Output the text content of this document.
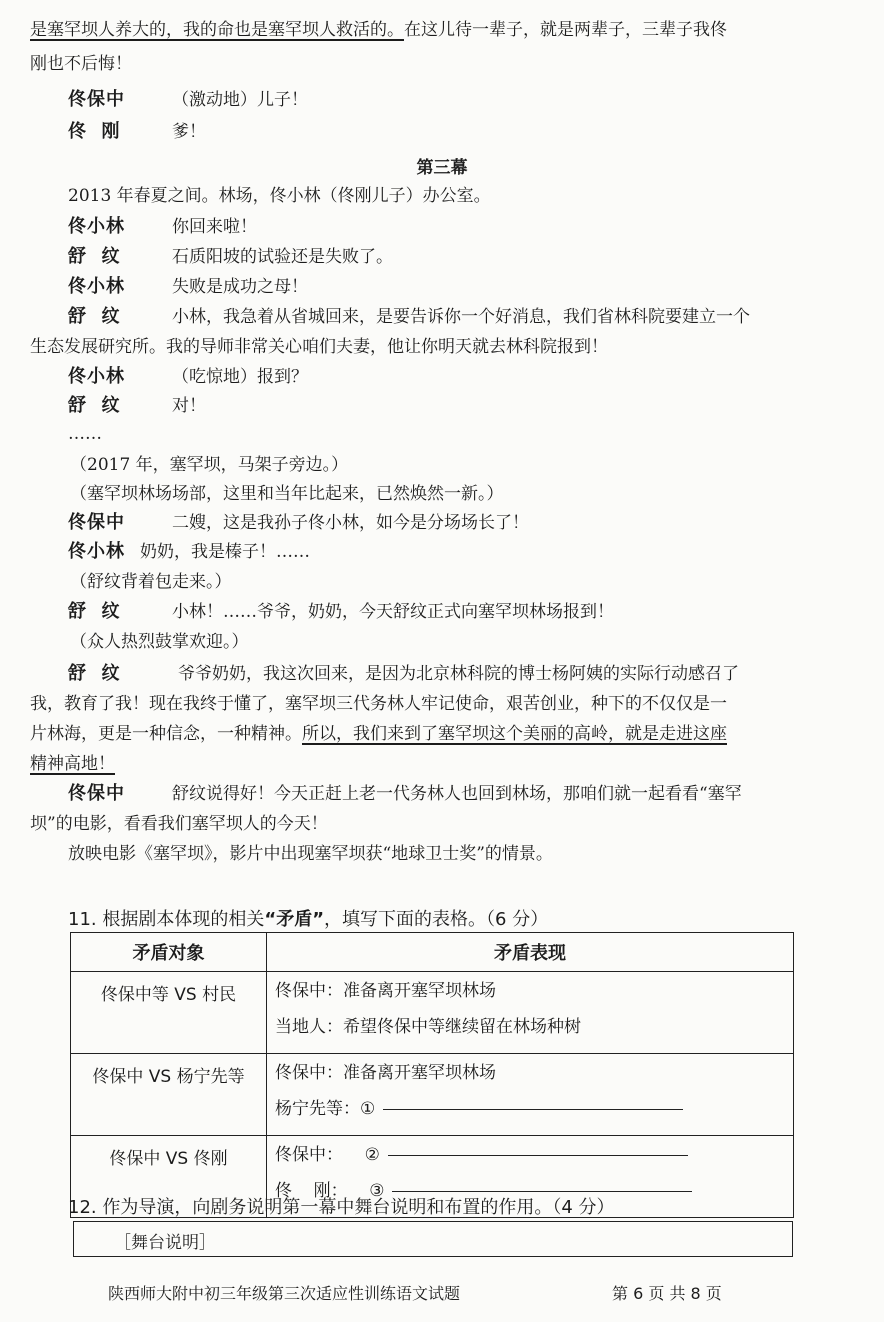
是塞罕坝人养大的，我的命也是塞罕坝人救活的。在这儿待一辈子，就是两辈子，三辈子我佟
刚也不后悔！
佟保中	（激动地）儿子！
佟  刚	爹！
第三幕
2013 年春夏之间。林场，佟小林（佟刚儿子）办公室。
佟小林	你回来啦！
舒  纹	石质阳坡的试验还是失败了。
佟小林	失败是成功之母！
舒  纹	小林，我急着从省城回来，是要告诉你一个好消息，我们省林科院要建立一个
生态发展研究所。我的导师非常关心咱们夫妻，他让你明天就去林科院报到！
佟小林	（吃惊地）报到？
舒  纹	对！
……
（2017 年，塞罕坝，马架子旁边。）
（塞罕坝林场场部，这里和当年比起来，已然焕然一新。）
佟保中	二嫂，这是我孙子佟小林，如今是分场场长了！
佟小林 奶奶，我是榛子！……
（舒纹背着包走来。）
舒  纹	小林！……爷爷，奶奶，今天舒纹正式向塞罕坝林场报到！
（众人热烈鼓掌欢迎。）
舒  纹	爷爷奶奶，我这次回来，是因为北京林科院的博士杨阿姨的实际行动感召了
我，教育了我！现在我终于懂了，塞罕坝三代务林人牢记使命，艰苦创业，种下的不仅仅是一
片林海，更是一种信念，一种精神。所以，我们来到了塞罕坝这个美丽的高岭，就是走进这座
精神高地！
佟保中	舒纹说得好！今天正赶上老一代务林人也回到林场，那咱们就一起看看“塞罕
坝”的电影，看看我们塞罕坝人的今天！
放映电影《塞罕坝》，影片中出现塞罕坝获“地球卫士奖”的情景。
11. 根据剧本体现的相关“矛盾”，填写下面的表格。（6 分）
矛盾对象	矛盾表现
佟保中等 VS 村民	佟保中：准备离开塞罕坝林场
当地人：希望佟保中等继续留在林场种树

佟保中 VS 杨宁先等	佟保中：准备离开塞罕坝林场
杨宁先等：①

佟保中 VS 佟刚	佟保中：    ②
佟    刚：    ③
12. 作为导演，向剧务说明第一幕中舞台说明和布置的作用。（4 分）
［舞台说明］
陕西师大附中初三年级第三次适应性训练语文试题	第 6 页 共 8 页
